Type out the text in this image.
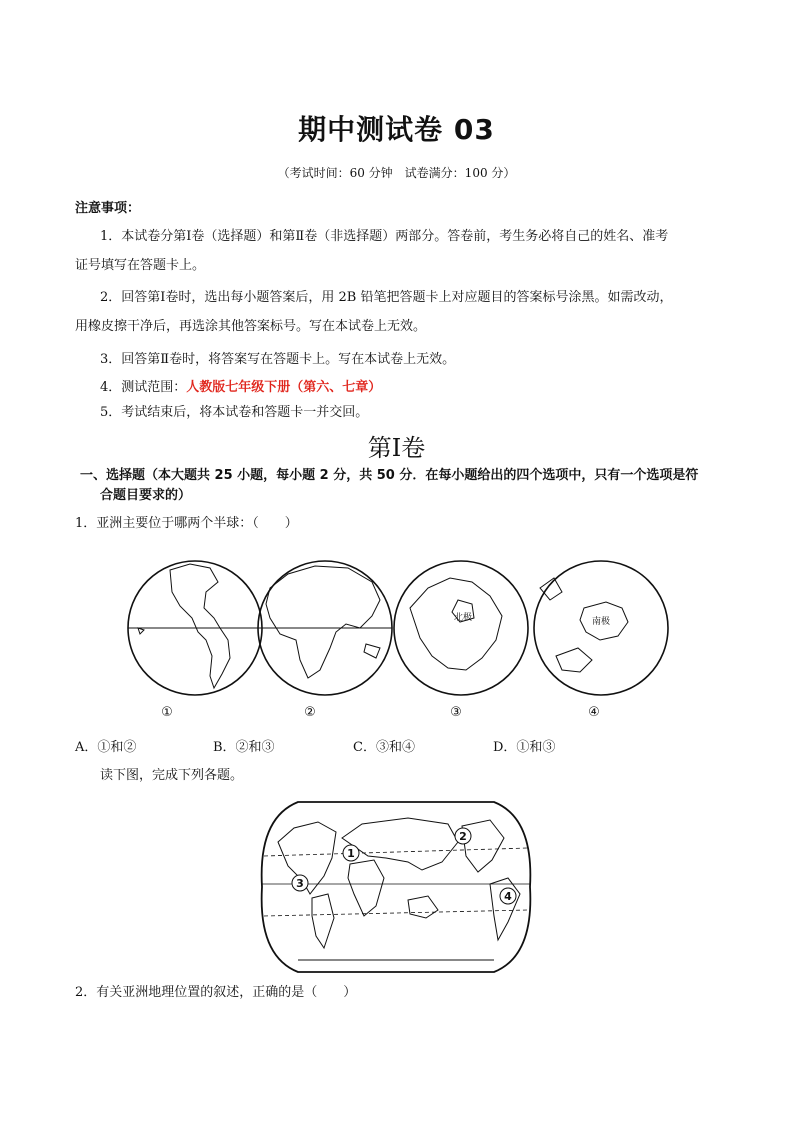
期中测试卷 03
（考试时间：60 分钟　试卷满分：100 分）
注意事项：
1．本试卷分第Ⅰ卷（选择题）和第Ⅱ卷（非选择题）两部分。答卷前，考生务必将自己的姓名、准考
证号填写在答题卡上。
2．回答第Ⅰ卷时，选出每小题答案后，用 2B 铅笔把答题卡上对应题目的答案标号涂黑。如需改动，
用橡皮擦干净后，再选涂其他答案标号。写在本试卷上无效。
3．回答第Ⅱ卷时，将答案写在答题卡上。写在本试卷上无效。
4．测试范围：人教版七年级下册（第六、七章）
5．考试结束后，将本试卷和答题卡一并交回。
第I卷
一、选择题（本大题共 25 小题，每小题 2 分，共 50 分．在每小题给出的四个选项中，只有一个选项是符
合题目要求的）
1．亚洲主要位于哪两个半球：（　　）
北极	南极
①	②	③	④
A．①和②	B．②和③	C．③和④	D．①和③
读下图，完成下列各题。
1
2
3
4
2．有关亚洲地理位置的叙述，正确的是（　　）
